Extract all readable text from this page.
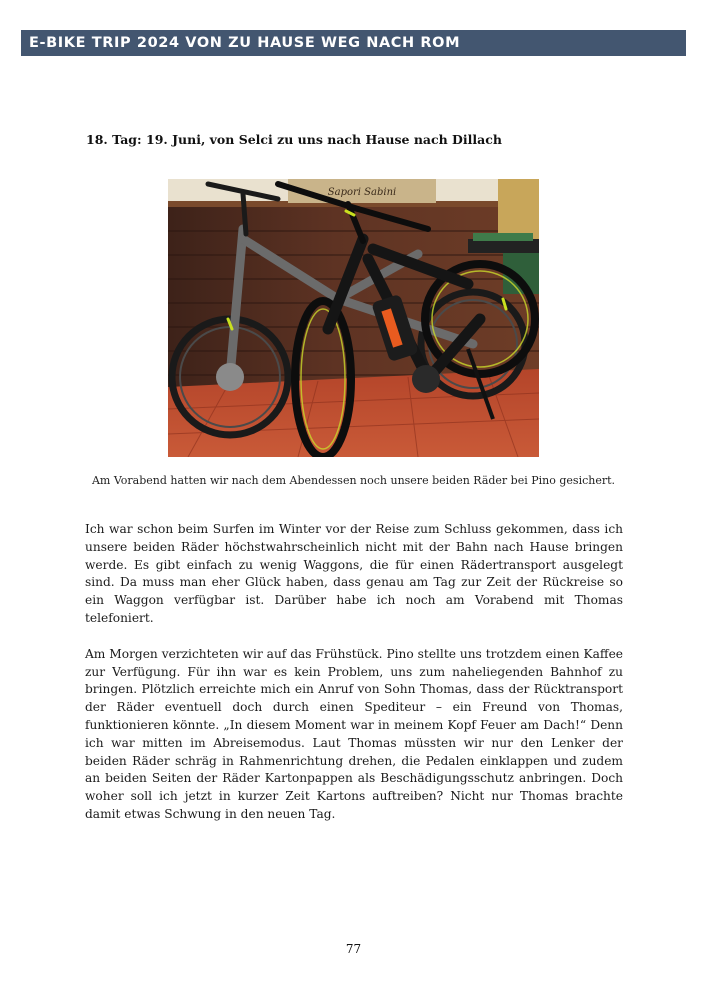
E-BIKE TRIP 2024 VON ZU HAUSE WEG NACH ROM
18. Tag: 19. Juni, von Selci zu uns nach Hause nach Dillach
Sapori Sabini
Am Vorabend hatten wir nach dem Abendessen noch unsere beiden Räder bei Pino gesichert.

Ich war schon beim Surfen im Winter vor der Reise zum Schluss gekommen, dass ich unsere beiden Räder höchstwahrscheinlich nicht mit der Bahn nach Hause bringen werde. Es gibt einfach zu wenig Waggons, die für einen Rädertransport ausgelegt sind. Da muss man eher Glück haben, dass genau am Tag zur Zeit der Rückreise so ein Waggon verfügbar ist. Darüber habe ich noch am Vorabend mit Thomas telefoniert.

Am Morgen verzichteten wir auf das Frühstück. Pino stellte uns trotzdem einen Kaffee zur Verfügung. Für ihn war es kein Problem, uns zum naheliegenden Bahnhof zu bringen. Plötzlich erreichte mich ein Anruf von Sohn Thomas, dass der Rücktransport der Räder eventuell doch durch einen Spediteur – ein Freund von Thomas, funktionieren könnte. „In diesem Moment war in meinem Kopf Feuer am Dach!“ Denn ich war mitten im Abreisemodus. Laut Thomas müssten wir nur den Lenker der beiden Räder schräg in Rahmenrichtung drehen, die Pedalen einklappen und zudem an beiden Seiten der Räder Kartonpappen als Beschädigungsschutz anbringen. Doch woher soll ich jetzt in kurzer Zeit Kartons auftreiben? Nicht nur Thomas brachte damit etwas Schwung in den neuen Tag.

77
